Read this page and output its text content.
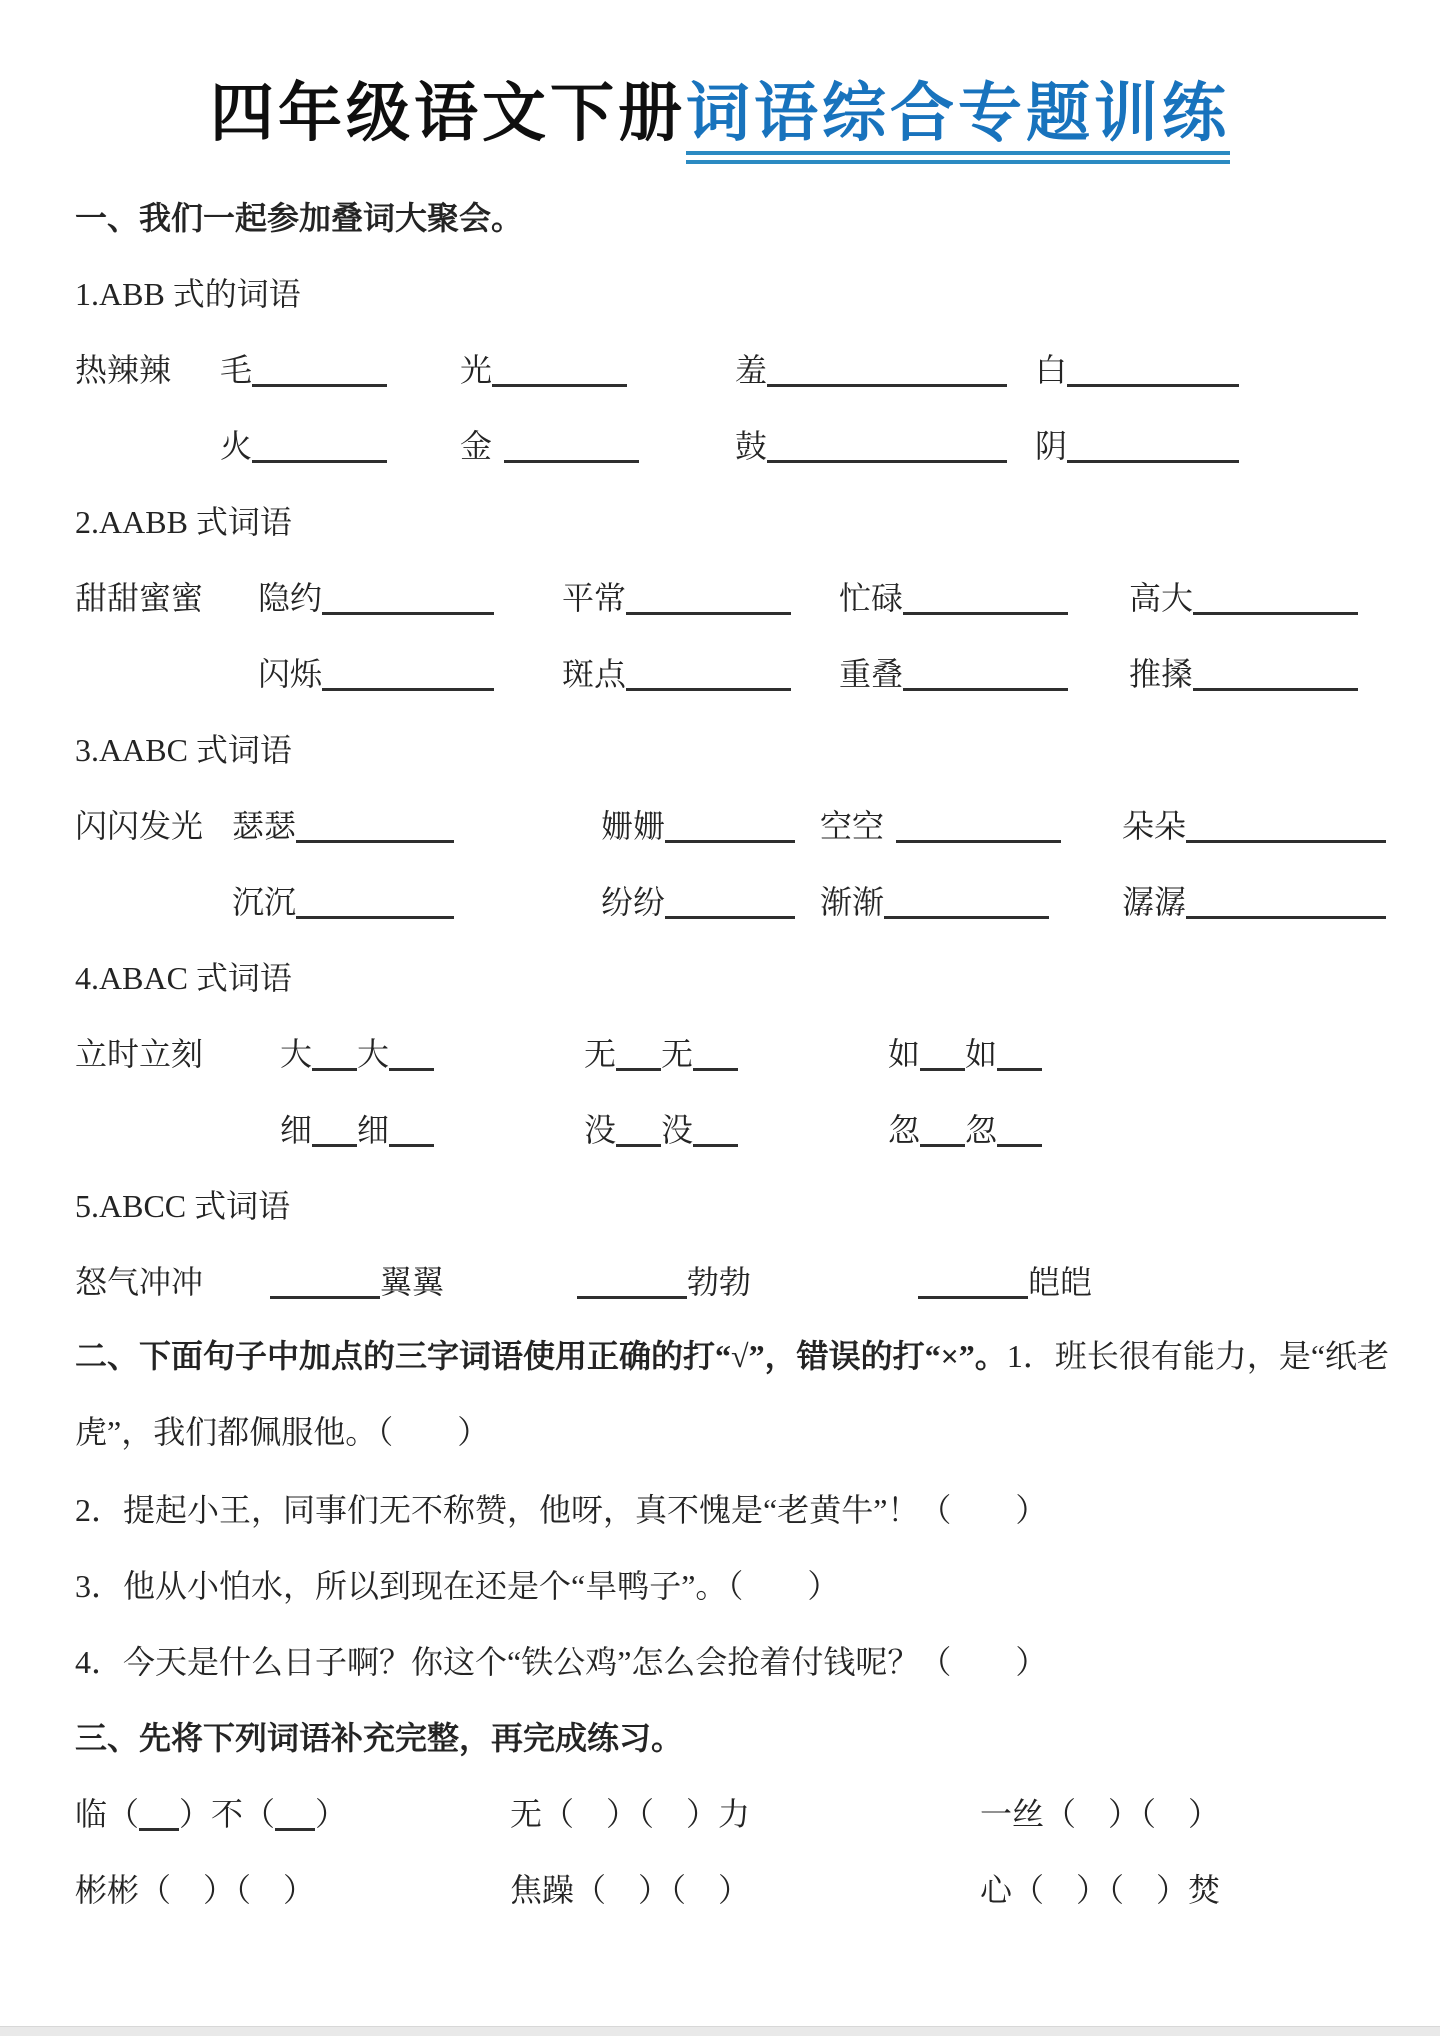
四年级语文下册词语综合专题训练
一、我们一起参加叠词大聚会。
1.ABB 式的词语
热辣辣	毛	光	羞	白
火	金	鼓	阴
2.AABB 式词语
甜甜蜜蜜	隐约	平常	忙碌	高大
闪烁	斑点	重叠	推搡
3.AABC 式词语
闪闪发光 瑟瑟	姗姗	空空	朵朵
沉沉	纷纷	渐渐	潺潺
4.ABAC 式词语
立时立刻	大 大	无 无	如 如
细 细	没 没	忽 忽
5.ABCC 式词语
怒气冲冲	翼翼	勃勃	皑皑

二、下面句子中加点的三字词语使用正确的打“√”，错误的打“×”。1．班长很有能力，是“纸老虎”，我们都佩服他。（　　）

2．提起小王，同事们无不称赞，他呀，真不愧是“老黄牛”！（　　）
3．他从小怕水，所以到现在还是个“旱鸭子”。（　　）
4．今天是什么日子啊？你这个“铁公鸡”怎么会抢着付钱呢？（　　）
三、先将下列词语补充完整，再完成练习。
临（ ）不（ ）	无（　）（　）力	一丝（　）（　）
彬彬（　）（　）	焦躁（　）（　）	心（　）（　）焚
